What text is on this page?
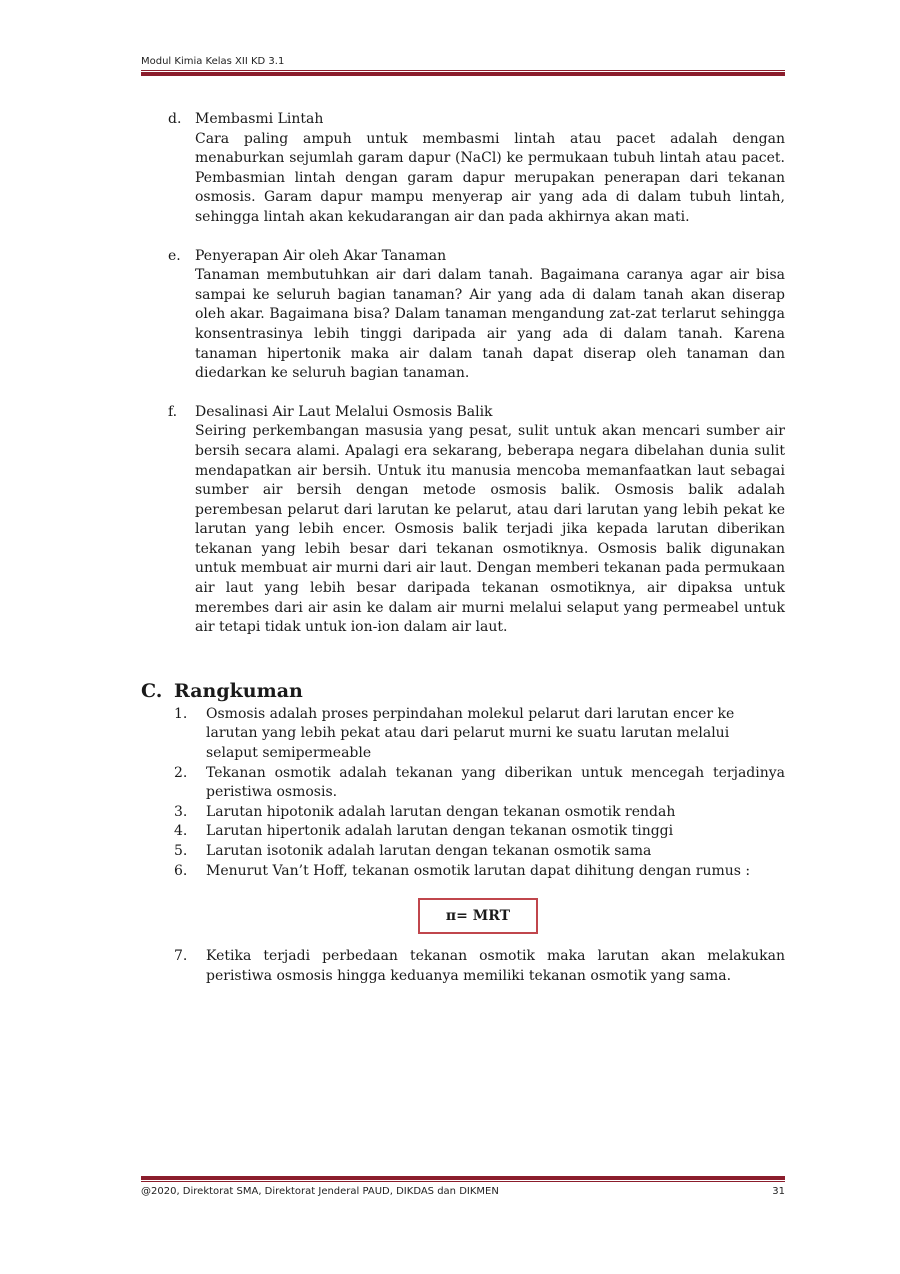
Modul Kimia Kelas XII KD 3.1
d. Membasmi Lintah

Cara paling ampuh untuk membasmi lintah atau pacet adalah dengan menaburkan sejumlah garam dapur (NaCl) ke permukaan tubuh lintah atau pacet. Pembasmian lintah dengan garam dapur merupakan penerapan dari tekanan osmosis. Garam dapur mampu menyerap air yang ada di dalam tubuh lintah, sehingga lintah akan kekudarangan air dan pada akhirnya akan mati.

e. Penyerapan Air oleh Akar Tanaman

Tanaman membutuhkan air dari dalam tanah. Bagaimana caranya agar air bisa sampai ke seluruh bagian tanaman? Air yang ada di dalam tanah akan diserap oleh akar. Bagaimana bisa? Dalam tanaman mengandung zat-zat terlarut sehingga konsentrasinya lebih tinggi daripada air yang ada di dalam tanah. Karena tanaman hipertonik maka air dalam tanah dapat diserap oleh tanaman dan diedarkan ke seluruh bagian tanaman.

f. Desalinasi Air Laut Melalui Osmosis Balik

Seiring perkembangan masusia yang pesat, sulit untuk akan mencari sumber air bersih secara alami. Apalagi era sekarang, beberapa negara dibelahan dunia sulit mendapatkan air bersih. Untuk itu manusia mencoba memanfaatkan laut sebagai sumber air bersih dengan metode osmosis balik. Osmosis balik adalah perembesan pelarut dari larutan ke pelarut, atau dari larutan yang lebih pekat ke larutan yang lebih encer. Osmosis balik terjadi jika kepada larutan diberikan tekanan yang lebih besar dari tekanan osmotiknya. Osmosis balik digunakan untuk membuat air murni dari air laut. Dengan memberi tekanan pada permukaan air laut yang lebih besar daripada tekanan osmotiknya, air dipaksa untuk merembes dari air asin ke dalam air murni melalui selaput yang permeabel untuk air tetapi tidak untuk ion-ion dalam air laut.

C. Rangkuman
1. Osmosis adalah proses perpindahan molekul pelarut dari larutan encer ke larutan yang lebih pekat atau dari pelarut murni ke suatu larutan melalui selaput semipermeable

2. Tekanan osmotik adalah tekanan yang diberikan untuk mencegah terjadinya peristiwa osmosis.

3. Larutan hipotonik adalah larutan dengan tekanan osmotik rendah

4. Larutan hipertonik adalah larutan dengan tekanan osmotik tinggi

5. Larutan isotonik adalah larutan dengan tekanan osmotik sama

6. Menurut Van’t Hoff, tekanan osmotik larutan dapat dihitung dengan rumus :

π= MRT
7. Ketika terjadi perbedaan tekanan osmotik maka larutan akan melakukan peristiwa osmosis hingga keduanya memiliki tekanan osmotik yang sama.

@2020, Direktorat SMA, Direktorat Jenderal PAUD, DIKDAS dan DIKMEN	31
